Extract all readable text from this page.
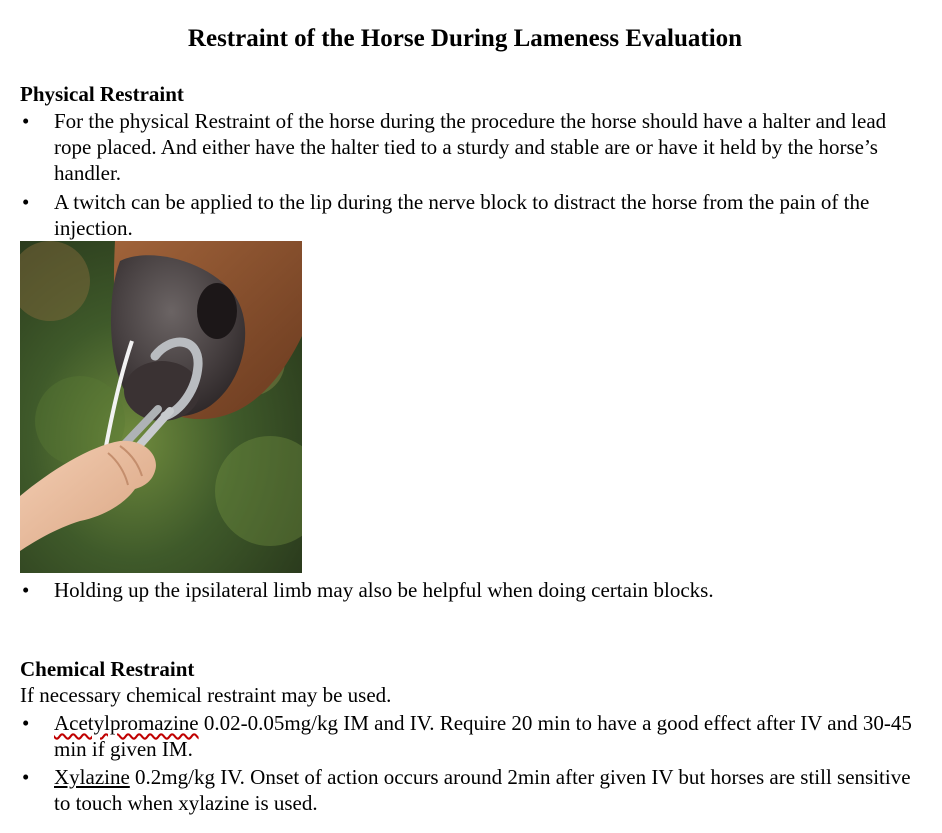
Restraint of the Horse During Lameness Evaluation
Physical Restraint
•	For the physical Restraint of the horse during the procedure the horse should have a halter and lead rope placed. And either have the halter tied to a sturdy and stable are or have it held by the horse’s handler.
•	A twitch can be applied to the lip during the nerve block to distract the horse from the pain of the injection.
•	Holding up the ipsilateral limb may also be helpful when doing certain blocks.
Chemical Restraint
If necessary chemical restraint may be used.
•	Acetylpromazine 0.02-0.05mg/kg IM and IV. Require 20 min to have a good effect after IV and 30-45 min if given IM.
•	Xylazine 0.2mg/kg IV. Onset of action occurs around 2min after given IV but horses are still sensitive to touch when xylazine is used.
